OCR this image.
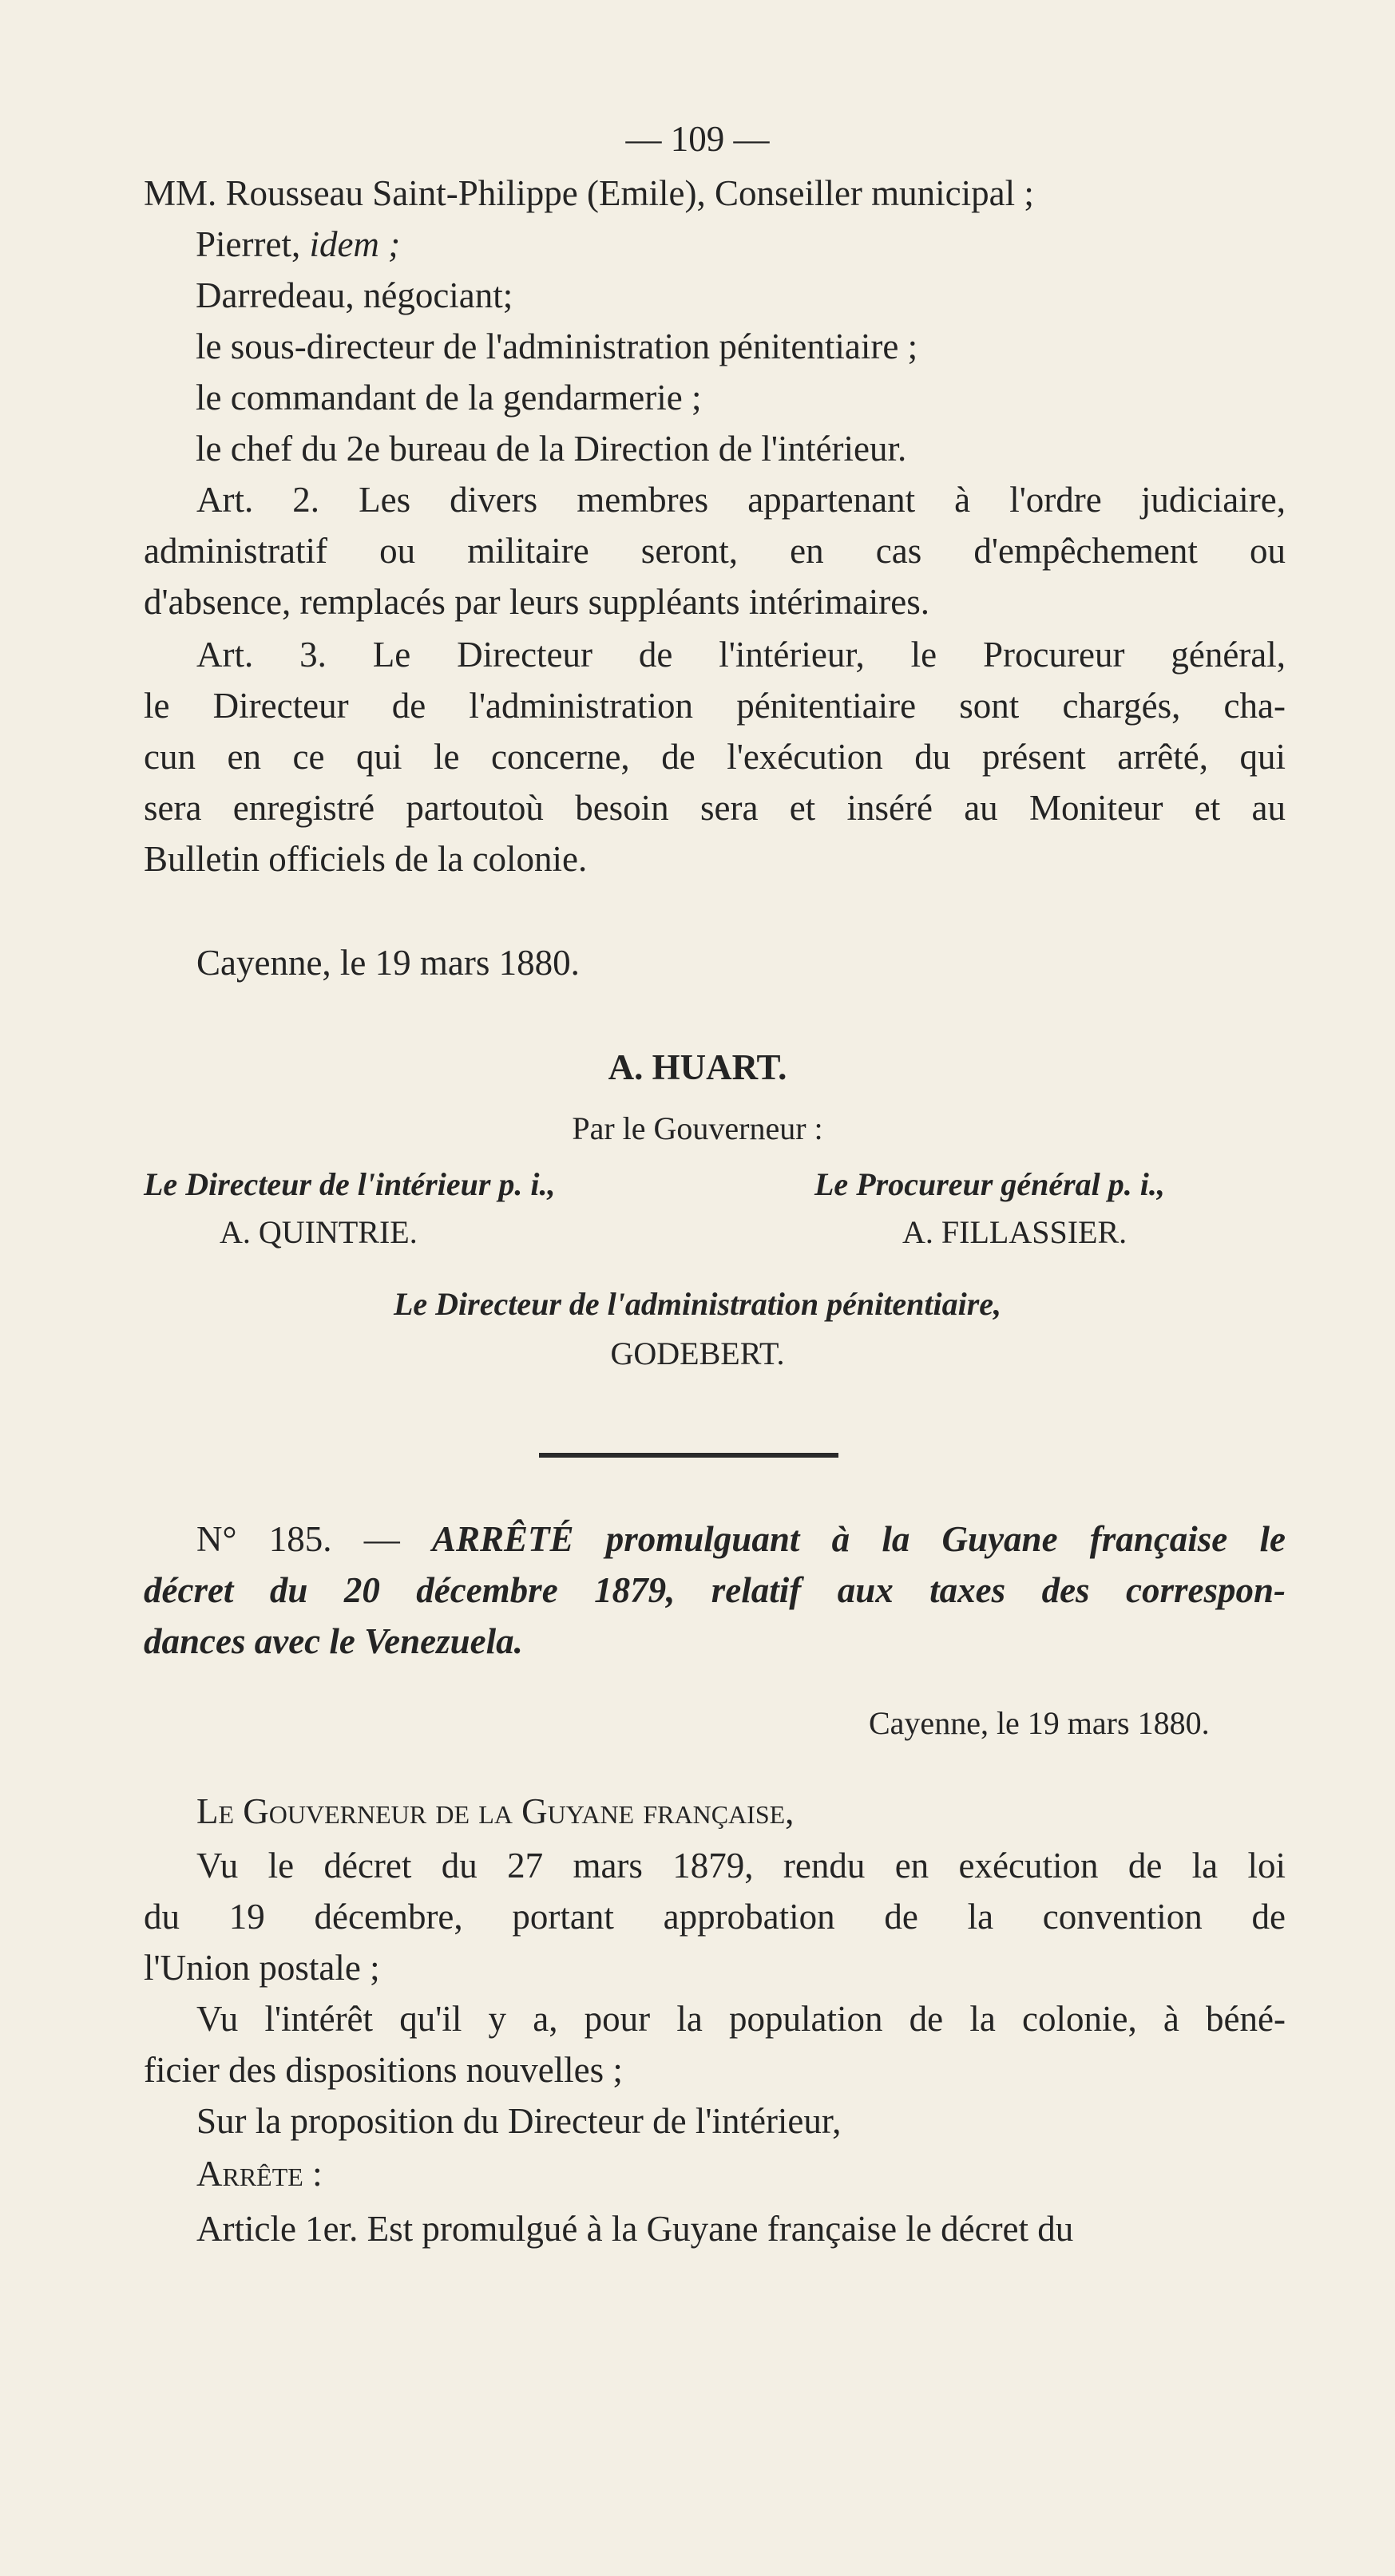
— 109 —
MM. Rousseau Saint-Philippe (Emile), Conseiller municipal ;
Pierret, idem ;
Darredeau, négociant;
le sous-directeur de l'administration pénitentiaire ;
le commandant de la gendarmerie ;
le chef du 2e bureau de la Direction de l'intérieur.
Art. 2. Les divers membres appartenant à l'ordre judiciaire,
administratif ou militaire seront, en cas d'empêchement ou
d'absence, remplacés par leurs suppléants intérimaires.
Art. 3. Le Directeur de l'intérieur, le Procureur général,
le Directeur de l'administration pénitentiaire sont chargés, cha-
cun en ce qui le concerne, de l'exécution du présent arrêté, qui
sera enregistré partoutoù besoin sera et inséré au Moniteur et au
Bulletin officiels de la colonie.
Cayenne, le 19 mars 1880.
A. HUART.
Par le Gouverneur :
Le Directeur de l'intérieur p. i.,
A. QUINTRIE.
Le Procureur général p. i.,
A. FILLASSIER.
Le Directeur de l'administration pénitentiaire,
GODEBERT.
N° 185. — ARRÊTÉ promulguant à la Guyane française le
décret du 20 décembre 1879, relatif aux taxes des correspon-
dances avec le Venezuela.
Cayenne, le 19 mars 1880.
Le Gouverneur de la Guyane française,
Vu le décret du 27 mars 1879, rendu en exécution de la loi
du 19 décembre, portant approbation de la convention de
l'Union postale ;
Vu l'intérêt qu'il y a, pour la population de la colonie, à béné-
ficier des dispositions nouvelles ;
Sur la proposition du Directeur de l'intérieur,
Arrête :
Article 1er. Est promulgué à la Guyane française le décret du
